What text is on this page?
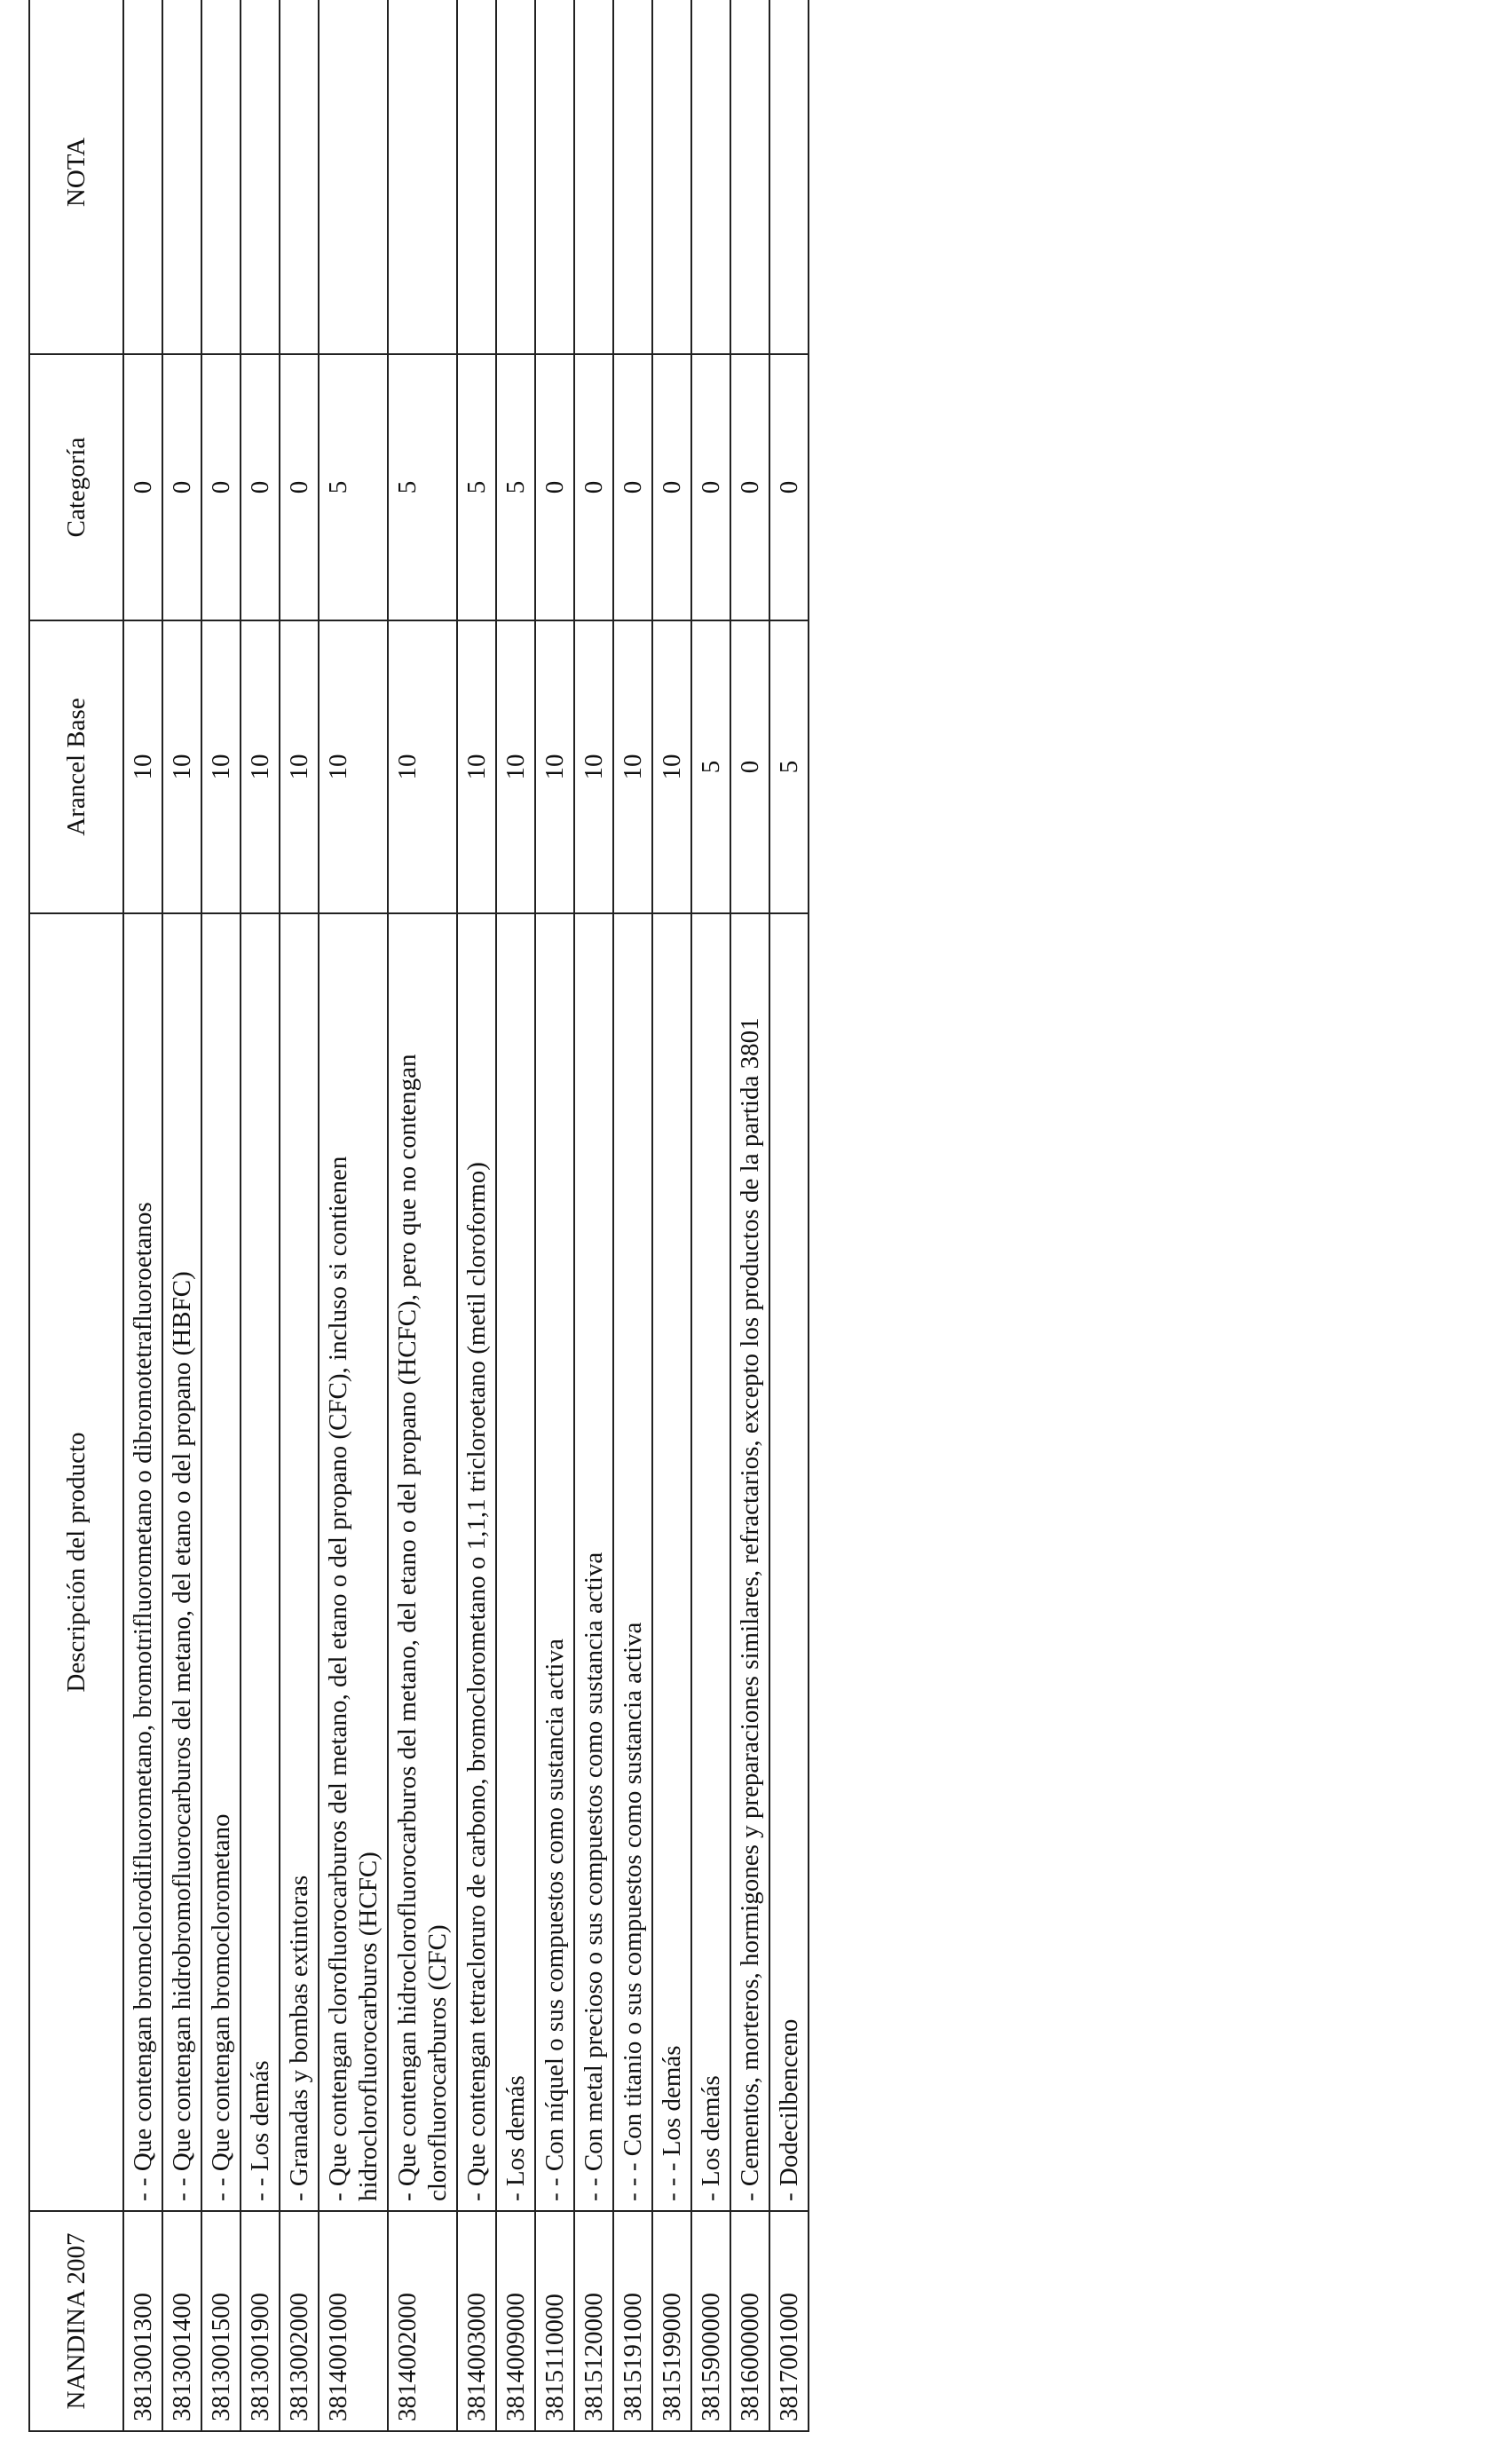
NANDINA 2007	Descripción del producto	Arancel Base	Categoría	NOTA
3813001300	- - Que contengan bromoclorodifluorometano, bromotrifluorometano o dibromotetrafluoroetanos	10	0	
3813001400	- - Que contengan hidrobromofluorocarburos del metano, del etano o del propano (HBFC)	10	0	
3813001500	- - Que contengan bromoclorometano	10	0	
3813001900	- - Los demás	10	0	
3813002000	- Granadas y bombas extintoras	10	0	
3814001000	- Que contengan clorofluorocarburos del metano, del etano o del propano (CFC), incluso si contienen hidroclorofluorocarburos (HCFC)	10	5	
3814002000	- Que contengan hidroclorofluorocarburos del metano, del etano o del propano (HCFC), pero que no contengan clorofluorocarburos (CFC)	10	5	
3814003000	- Que contengan tetracloruro de carbono, bromoclorometano o 1,1,1 tricloroetano (metil cloroformo)	10	5	
3814009000	- Los demás	10	5	
3815110000	- - Con níquel o sus compuestos como sustancia activa	10	0	
3815120000	- - Con metal precioso o sus compuestos como sustancia activa	10	0	
3815191000	- - - Con titanio o sus compuestos como sustancia activa	10	0	
3815199000	- - - Los demás	10	0	
3815900000	- Los demás	5	0	
3816000000	- Cementos, morteros, hormigones y preparaciones similares, refractarios, excepto los productos de la partida 3801	0	0	
3817001000	- Dodecilbenceno	5	0	
